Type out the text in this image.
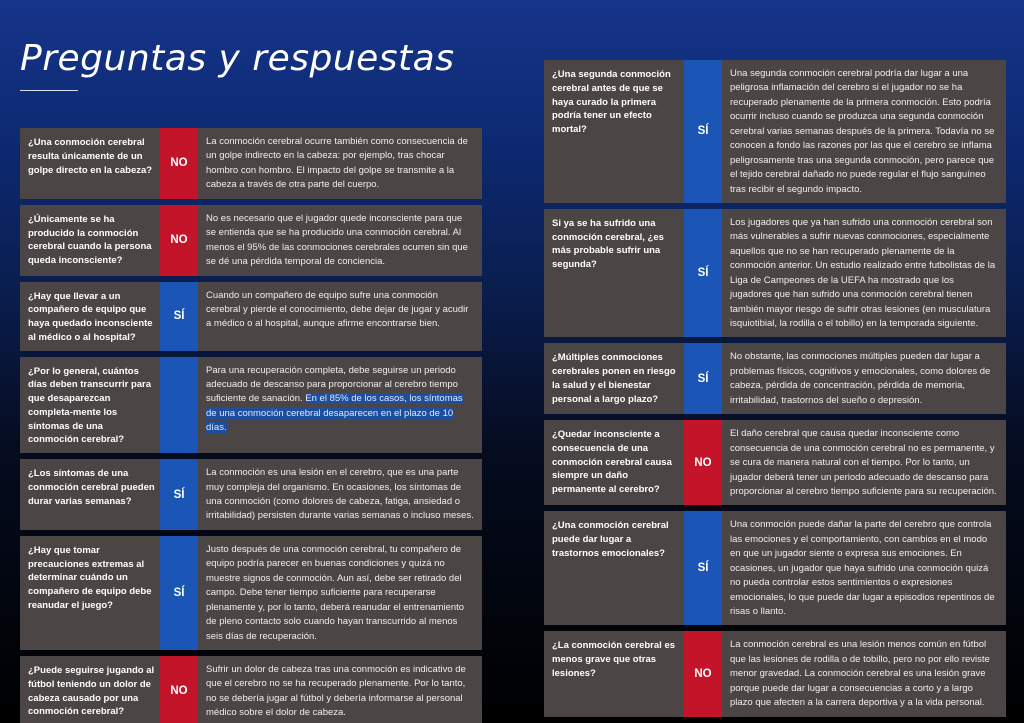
Preguntas y respuestas
¿Una conmoción cerebral resulta únicamente de un golpe directo en la cabeza?
NO
La conmoción cerebral ocurre también como consecuencia de un golpe indirecto en la cabeza: por ejemplo, tras chocar hombro con hombro. El impacto del golpe se transmite a la cabeza a través de otra parte del cuerpo.
¿Únicamente se ha producido la conmoción cerebral cuando la persona queda inconsciente?
NO
No es necesario que el jugador quede inconsciente para que se entienda que se ha producido una conmoción cerebral. Al menos el 95% de las conmociones cerebrales ocurren sin que se dé una pérdida temporal de conciencia.
¿Hay que llevar a un compañero de equipo que haya quedado inconsciente al médico o al hospital?
SÍ
Cuando un compañero de equipo sufre una conmoción cerebral y pierde el conocimiento, debe dejar de jugar y acudir a médico o al hospital, aunque afirme encontrarse bien.
¿Por lo general, cuántos días deben transcurrir para que desaparezcan completa-mente los síntomas de una conmoción cerebral?
Para una recuperación completa, debe seguirse un periodo adecuado de descanso para proporcionar al cerebro tiempo suficiente de sanación. En el 85% de los casos, los síntomas de una conmoción cerebral desaparecen en el plazo de 10 días.
¿Los síntomas de una conmoción cerebral pueden durar varias semanas?
SÍ
La conmoción es una lesión en el cerebro, que es una parte muy compleja del organismo. En ocasiones, los síntomas de una conmoción (como dolores de cabeza, fatiga, ansiedad o irritabilidad) persisten durante varias semanas o incluso meses.
¿Hay que tomar precauciones extremas al determinar cuándo un compañero de equipo debe reanudar el juego?
SÍ
Justo después de una conmoción cerebral, tu compañero de equipo podría parecer en buenas condiciones y quizá no muestre signos de conmoción. Aun así, debe ser retirado del campo. Debe tener tiempo suficiente para recuperarse plenamente y, por lo tanto, deberá reanudar el entrenamiento de pleno contacto solo cuando hayan transcurrido al menos seis días de recuperación.
¿Puede seguirse jugando al fútbol teniendo un dolor de cabeza causado por una conmoción cerebral?
NO
Sufrir un dolor de cabeza tras una conmoción es indicativo de que el cerebro no se ha recuperado plenamente. Por lo tanto, no se debería jugar al fútbol y debería informarse al personal médico sobre el dolor de cabeza.
¿Una segunda conmoción cerebral antes de que se haya curado la primera podría tener un efecto mortal?	SÍ
Una segunda conmoción cerebral podría dar lugar a una peligrosa inflamación del cerebro si el jugador no se ha recuperado plenamente de la primera conmoción. Esto podría ocurrir incluso cuando se produzca una segunda conmoción cerebral varias semanas después de la primera. Todavía no se conocen a fondo las razones por las que el cerebro se inflama peligrosamente tras una segunda conmoción, pero parece que el tejido cerebral dañado no puede regular el flujo sanguíneo tras recibir el segundo impacto.
Si ya se ha sufrido una conmoción cerebral, ¿es más probable sufrir una segunda?
SÍ
Los jugadores que ya han sufrido una conmoción cerebral son más vulnerables a sufrir nuevas conmociones, especialmente aquellos que no se han recuperado plenamente de la conmoción anterior. Un estudio realizado entre futbolistas de la Liga de Campeones de la UEFA ha mostrado que los jugadores que han sufrido una conmoción cerebral tienen también mayor riesgo de sufrir otras lesiones (en musculatura isquiotibial, la rodilla o el tobillo) en la temporada siguiente.
¿Múltiples conmociones cerebrales ponen en riesgo la salud y el bienestar personal a largo plazo?
SÍ
No obstante, las conmociones múltiples pueden dar lugar a problemas físicos, cognitivos y emocionales, como dolores de cabeza, pérdida de concentración, pérdida de memoria, irritabilidad, trastornos del sueño o depresión.
¿Quedar inconsciente a consecuencia de una conmoción cerebral causa siempre un daño permanente al cerebro?
NO
El daño cerebral que causa quedar inconsciente como consecuencia de una conmoción cerebral no es permanente, y se cura de manera natural con el tiempo. Por lo tanto, un jugador deberá tener un periodo adecuado de descanso para proporcionar al cerebro tiempo suficiente para su recuperación.
¿Una conmoción cerebral puede dar lugar a trastornos emocionales?
SÍ
Una conmoción puede dañar la parte del cerebro que controla las emociones y el comportamiento, con cambios en el modo en que un jugador siente o expresa sus emociones. En ocasiones, un jugador que haya sufrido una conmoción quizá no pueda controlar estos sentimientos o expresiones emocionales, lo que puede dar lugar a episodios repentinos de risas o llanto.
¿La conmoción cerebral es menos grave que otras lesiones?	NO
La conmoción cerebral es una lesión menos común en fútbol que las lesiones de rodilla o de tobillo, pero no por ello reviste menor gravedad. La conmoción cerebral es una lesión grave porque puede dar lugar a consecuencias a corto y a largo plazo que afecten a la carrera deportiva y a la vida personal.
